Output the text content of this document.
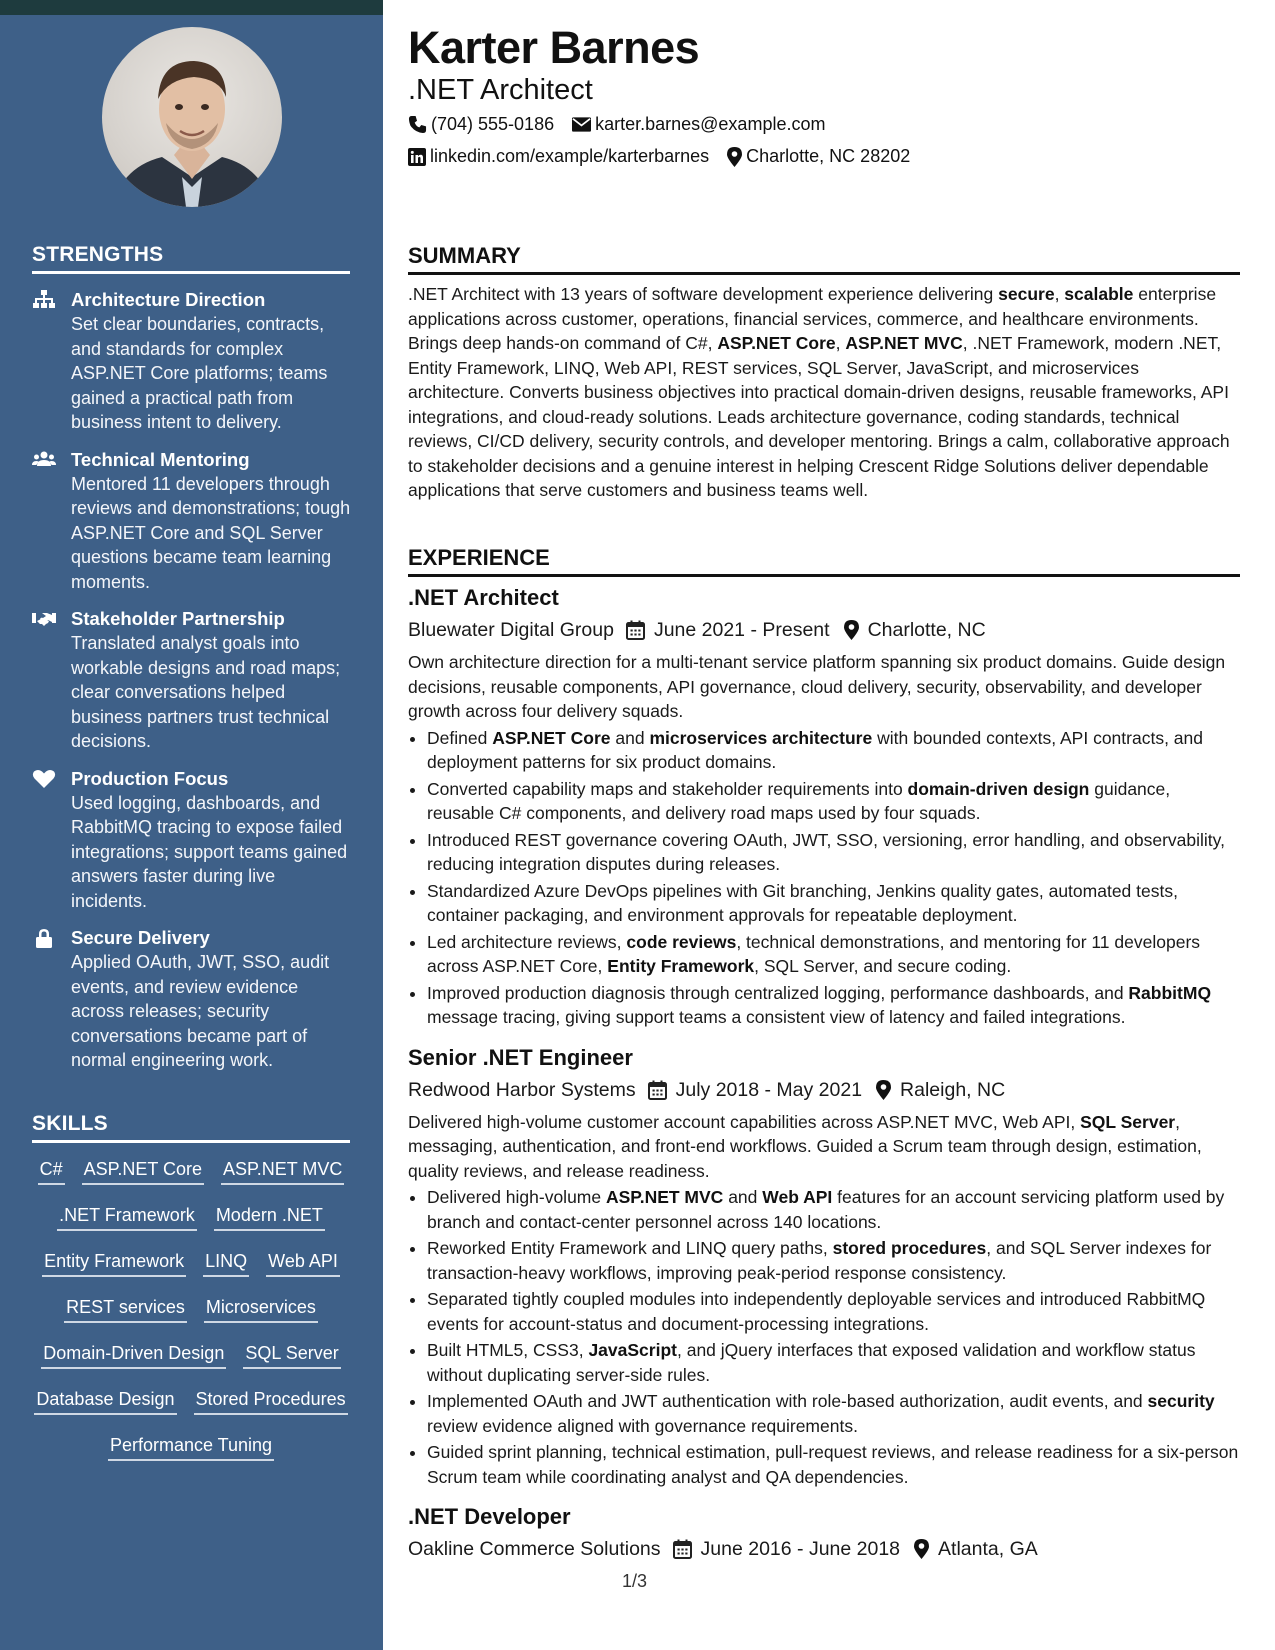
STRENGTHS
Architecture Direction
Set clear boundaries, contracts, and standards for complex ASP.NET Core platforms; teams gained a practical path from business intent to delivery.
Technical Mentoring
Mentored 11 developers through reviews and demonstrations; tough ASP.NET Core and SQL Server questions became team learning moments.
Stakeholder Partnership
Translated analyst goals into workable designs and road maps; clear conversations helped business partners trust technical decisions.
Production Focus
Used logging, dashboards, and RabbitMQ tracing to expose failed integrations; support teams gained answers faster during live incidents.
Secure Delivery
Applied OAuth, JWT, SSO, audit events, and review evidence across releases; security conversations became part of normal engineering work.
SKILLS
C# ASP.NET Core ASP.NET MVC
.NET Framework Modern .NET
Entity Framework LINQ Web API
REST services Microservices
Domain-Driven Design SQL Server
Database Design Stored Procedures
Performance Tuning
Karter Barnes
.NET Architect
(704) 555-0186 karter.barnes@example.com
linkedin.com/example/karterbarnes Charlotte, NC 28202
SUMMARY
.NET Architect with 13 years of software development experience delivering secure, scalable enterprise applications across customer, operations, financial services, commerce, and healthcare environments. Brings deep hands-on command of C#, ASP.NET Core, ASP.NET MVC, .NET Framework, modern .NET, Entity Framework, LINQ, Web API, REST services, SQL Server, JavaScript, and microservices architecture. Converts business objectives into practical domain-driven designs, reusable frameworks, API integrations, and cloud-ready solutions. Leads architecture governance, coding standards, technical reviews, CI/CD delivery, security controls, and developer mentoring. Brings a calm, collaborative approach to stakeholder decisions and a genuine interest in helping Crescent Ridge Solutions deliver dependable applications that serve customers and business teams well.
EXPERIENCE
.NET Architect
Bluewater Digital Group June 2021 - Present Charlotte, NC
Own architecture direction for a multi-tenant service platform spanning six product domains. Guide design decisions, reusable components, API governance, cloud delivery, security, observability, and developer growth across four delivery squads.
• Defined ASP.NET Core and microservices architecture with bounded contexts, API contracts, and deployment patterns for six product domains.
• Converted capability maps and stakeholder requirements into domain-driven design guidance, reusable C# components, and delivery road maps used by four squads.
• Introduced REST governance covering OAuth, JWT, SSO, versioning, error handling, and observability, reducing integration disputes during releases.
• Standardized Azure DevOps pipelines with Git branching, Jenkins quality gates, automated tests, container packaging, and environment approvals for repeatable deployment.
• Led architecture reviews, code reviews, technical demonstrations, and mentoring for 11 developers across ASP.NET Core, Entity Framework, SQL Server, and secure coding.
• Improved production diagnosis through centralized logging, performance dashboards, and RabbitMQ message tracing, giving support teams a consistent view of latency and failed integrations.
Senior .NET Engineer
Redwood Harbor Systems July 2018 - May 2021 Raleigh, NC
Delivered high-volume customer account capabilities across ASP.NET MVC, Web API, SQL Server, messaging, authentication, and front-end workflows. Guided a Scrum team through design, estimation, quality reviews, and release readiness.
• Delivered high-volume ASP.NET MVC and Web API features for an account servicing platform used by branch and contact-center personnel across 140 locations.
• Reworked Entity Framework and LINQ query paths, stored procedures, and SQL Server indexes for transaction-heavy workflows, improving peak-period response consistency.
• Separated tightly coupled modules into independently deployable services and introduced RabbitMQ events for account-status and document-processing integrations.
• Built HTML5, CSS3, JavaScript, and jQuery interfaces that exposed validation and workflow status without duplicating server-side rules.
• Implemented OAuth and JWT authentication with role-based authorization, audit events, and security review evidence aligned with governance requirements.
• Guided sprint planning, technical estimation, pull-request reviews, and release readiness for a six-person Scrum team while coordinating analyst and QA dependencies.
.NET Developer
Oakline Commerce Solutions June 2016 - June 2018 Atlanta, GA
1/3
